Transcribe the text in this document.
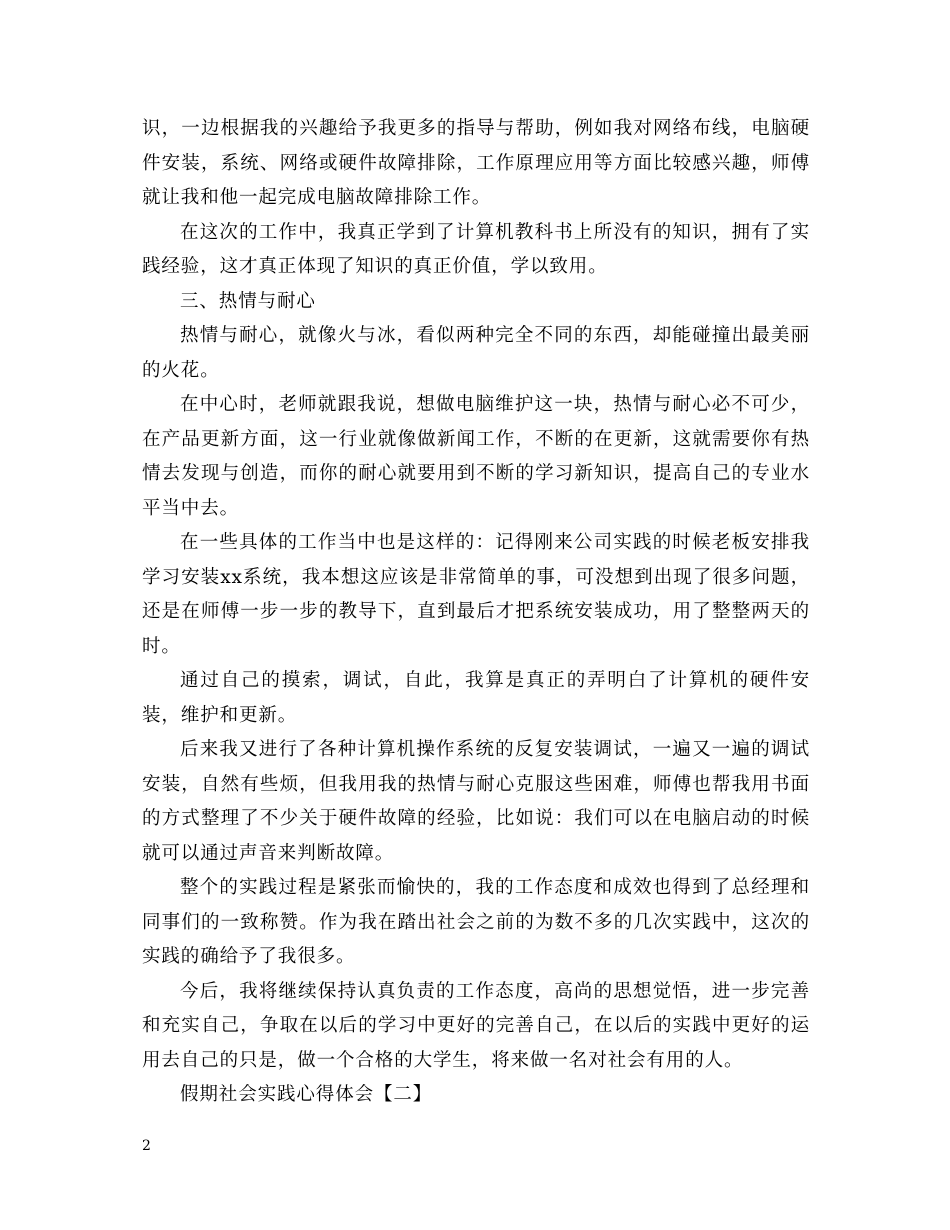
识，一边根据我的兴趣给予我更多的指导与帮助，例如我对网络布线，电脑硬件安装，系统、网络或硬件故障排除，工作原理应用等方面比较感兴趣，师傅就让我和他一起完成电脑故障排除工作。

在这次的工作中，我真正学到了计算机教科书上所没有的知识，拥有了实践经验，这才真正体现了知识的真正价值，学以致用。

三、热情与耐心

热情与耐心，就像火与冰，看似两种完全不同的东西，却能碰撞出最美丽的火花。

在中心时，老师就跟我说，想做电脑维护这一块，热情与耐心必不可少，在产品更新方面，这一行业就像做新闻工作，不断的在更新，这就需要你有热情去发现与创造，而你的耐心就要用到不断的学习新知识，提高自己的专业水平当中去。

在一些具体的工作当中也是这样的：记得刚来公司实践的时候老板安排我学习安装xx系统，我本想这应该是非常简单的事，可没想到出现了很多问题，还是在师傅一步一步的教导下，直到最后才把系统安装成功，用了整整两天的时。

通过自己的摸索，调试，自此，我算是真正的弄明白了计算机的硬件安装，维护和更新。

后来我又进行了各种计算机操作系统的反复安装调试，一遍又一遍的调试安装，自然有些烦，但我用我的热情与耐心克服这些困难，师傅也帮我用书面的方式整理了不少关于硬件故障的经验，比如说：我们可以在电脑启动的时候就可以通过声音来判断故障。

整个的实践过程是紧张而愉快的，我的工作态度和成效也得到了总经理和同事们的一致称赞。作为我在踏出社会之前的为数不多的几次实践中，这次的实践的确给予了我很多。

今后，我将继续保持认真负责的工作态度，高尚的思想觉悟，进一步完善和充实自己，争取在以后的学习中更好的完善自己，在以后的实践中更好的运用去自己的只是，做一个合格的大学生，将来做一名对社会有用的人。

假期社会实践心得体会【二】

2
